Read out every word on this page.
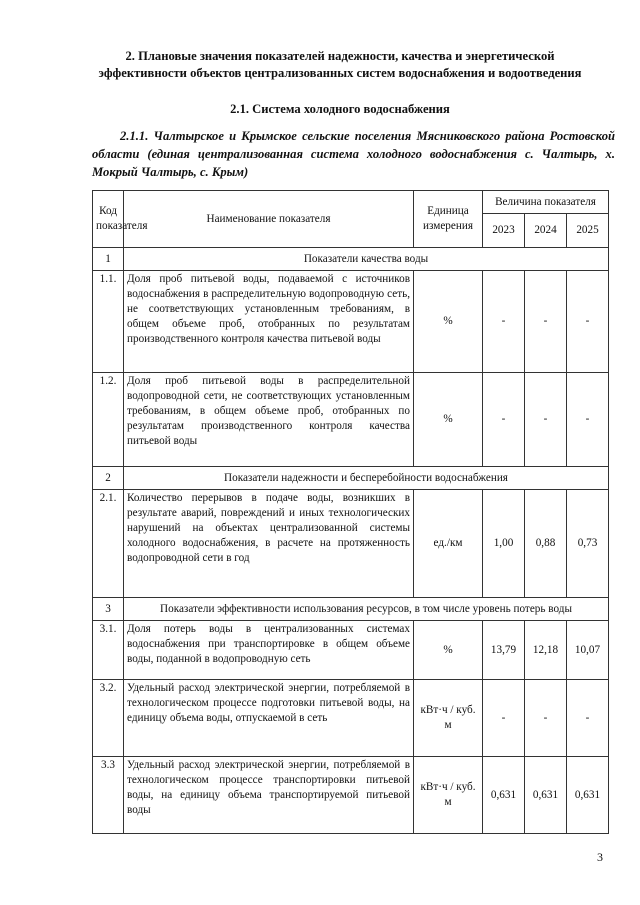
2. Плановые значения показателей надежности, качества и энергетической
эффективности объектов централизованных систем водоснабжения и водоотведения
2.1. Система холодного водоснабжения
2.1.1. Чалтырское и Крымское сельские поселения Мясниковского района Ростовской области (единая централизованная система холодного водоснабжения с. Чалтырь, х. Мокрый Чалтырь, с. Крым)
Код показателя	Наименование показателя	Единица измерения	Величина показателя		
			2023	2024	2025
1	Показатели качества воды				
1.1.	Доля проб питьевой воды, подаваемой с источников водоснабжения в распределительную водопроводную сеть, не соответствующих установленным требованиям, в общем объеме проб, отобранных по результатам производственного контроля качества питьевой воды	%	-	-	-
1.2.	Доля проб питьевой воды в распределительной водопроводной сети, не соответствующих установленным требованиям, в общем объеме проб, отобранных по результатам производственного контроля качества питьевой воды	%	-	-	-
2	Показатели надежности и бесперебойности водоснабжения				
2.1.	Количество перерывов в подаче воды, возникших в результате аварий, повреждений и иных технологических нарушений на объектах централизованной системы холодного водоснабжения, в расчете на протяженность водопроводной сети в год	ед./км	1,00	0,88	0,73
3	Показатели эффективности использования ресурсов, в том числе уровень потерь воды				
3.1.	Доля потерь воды в централизованных системах водоснабжения при транспортировке в общем объеме воды, поданной в водопроводную сеть	%	13,79	12,18	10,07
3.2.	Удельный расход электрической энергии, потребляемой в технологическом процессе подготовки питьевой воды, на единицу объема воды, отпускаемой в сеть	кВт·ч / куб. м	-	-	-
3.3	Удельный расход электрической энергии, потребляемой в технологическом процессе транспортировки питьевой воды, на единицу объема транспортируемой питьевой воды	кВт·ч / куб. м	0,631	0,631	0,631
3
